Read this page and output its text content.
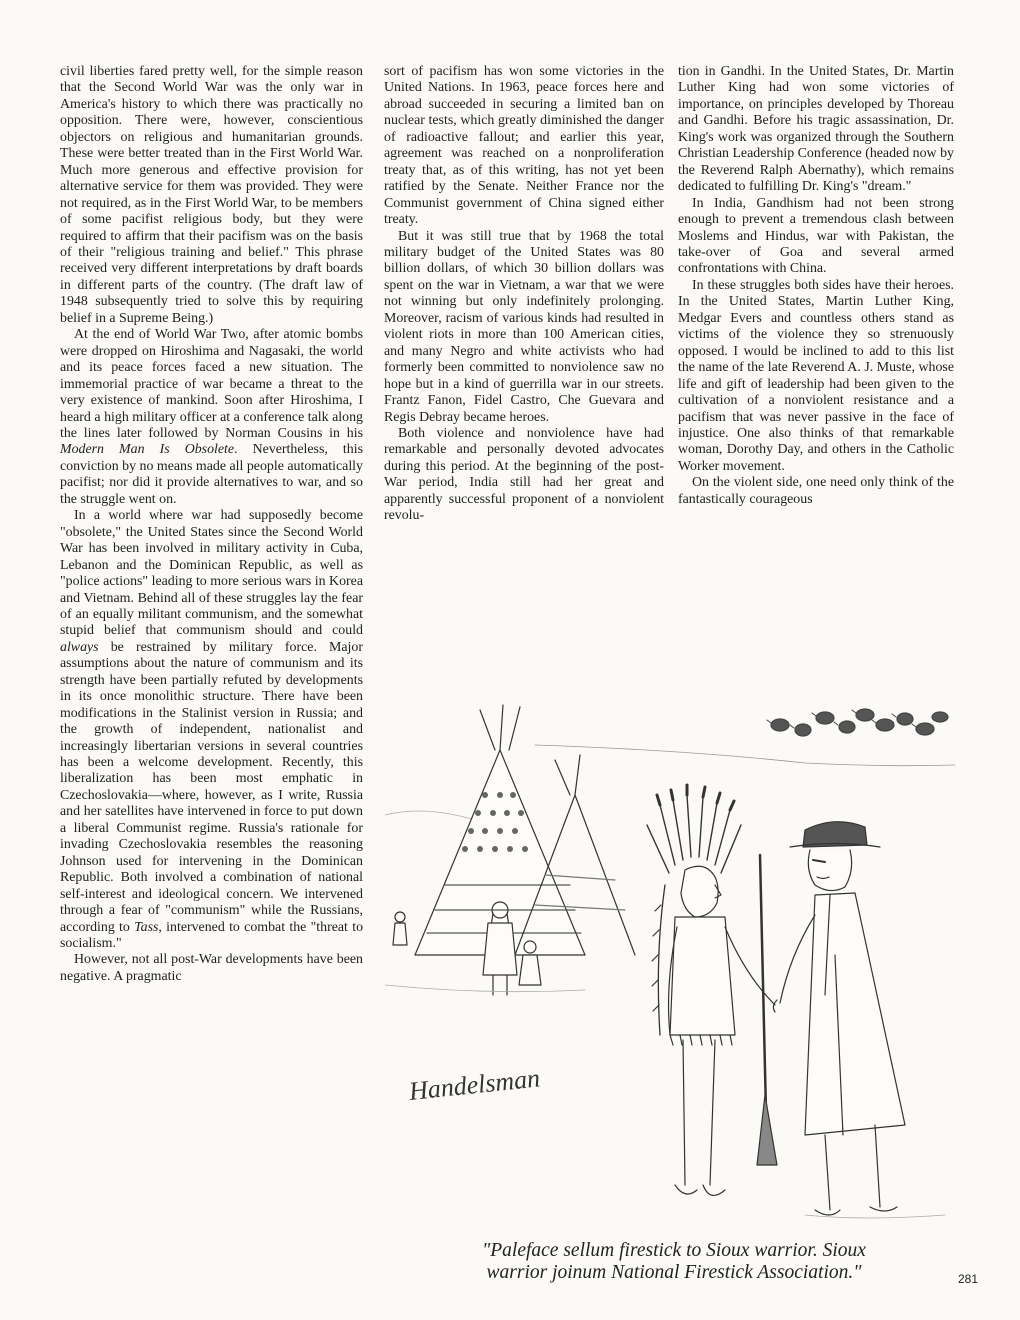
civil liberties fared pretty well, for the simple reason that the Second World War was the only war in America's history to which there was practically no opposition. There were, however, conscientious objectors on religious and humanitarian grounds. These were better treated than in the First World War. Much more generous and effective provision for alternative service for them was provided. They were not required, as in the First World War, to be members of some pacifist religious body, but they were required to affirm that their pacifism was on the basis of their "religious training and belief." This phrase received very different interpretations by draft boards in different parts of the country. (The draft law of 1948 subsequently tried to solve this by requiring belief in a Supreme Being.)

At the end of World War Two, after atomic bombs were dropped on Hiroshima and Nagasaki, the world and its peace forces faced a new situation. The immemorial practice of war became a threat to the very existence of mankind. Soon after Hiroshima, I heard a high military officer at a conference talk along the lines later followed by Norman Cousins in his Modern Man Is Obsolete. Nevertheless, this conviction by no means made all people automatically pacifist; nor did it provide alternatives to war, and so the struggle went on.

In a world where war had supposedly become "obsolete," the United States since the Second World War has been involved in military activity in Cuba, Lebanon and the Dominican Republic, as well as "police actions" leading to more serious wars in Korea and Vietnam. Behind all of these struggles lay the fear of an equally militant communism, and the somewhat stupid belief that communism should and could always be restrained by military force. Major assumptions about the nature of communism and its strength have been partially refuted by developments in its once monolithic structure. There have been modifications in the Stalinist version in Russia; and the growth of independent, nationalist and increasingly libertarian versions in several countries has been a welcome development. Recently, this liberalization has been most emphatic in Czechoslovakia—where, however, as I write, Russia and her satellites have intervened in force to put down a liberal Communist regime. Russia's rationale for invading Czechoslovakia resembles the reasoning Johnson used for intervening in the Dominican Republic. Both involved a combination of national self-interest and ideological concern. We intervened through a fear of "communism" while the Russians, according to Tass, intervened to combat the "threat to socialism."

However, not all post-War developments have been negative. A pragmatic

sort of pacifism has won some victories in the United Nations. In 1963, peace forces here and abroad succeeded in securing a limited ban on nuclear tests, which greatly diminished the danger of radioactive fallout; and earlier this year, agreement was reached on a nonproliferation treaty that, as of this writing, has not yet been ratified by the Senate. Neither France nor the Communist government of China signed either treaty.

But it was still true that by 1968 the total military budget of the United States was 80 billion dollars, of which 30 billion dollars was spent on the war in Vietnam, a war that we were not winning but only indefinitely prolonging. Moreover, racism of various kinds had resulted in violent riots in more than 100 American cities, and many Negro and white activists who had formerly been committed to nonviolence saw no hope but in a kind of guerrilla war in our streets. Frantz Fanon, Fidel Castro, Che Guevara and Regis Debray became heroes.

Both violence and nonviolence have had remarkable and personally devoted advocates during this period. At the beginning of the post-War period, India still had her great and apparently successful proponent of a nonviolent revolu-

tion in Gandhi. In the United States, Dr. Martin Luther King had won some victories of importance, on principles developed by Thoreau and Gandhi. Before his tragic assassination, Dr. King's work was organized through the Southern Christian Leadership Conference (headed now by the Reverend Ralph Abernathy), which remains dedicated to fulfilling Dr. King's "dream."

In India, Gandhism had not been strong enough to prevent a tremendous clash between Moslems and Hindus, war with Pakistan, the take-over of Goa and several armed confrontations with China.

In these struggles both sides have their heroes. In the United States, Martin Luther King, Medgar Evers and countless others stand as victims of the violence they so strenuously opposed. I would be inclined to add to this list the name of the late Reverend A. J. Muste, whose life and gift of leadership had been given to the cultivation of a nonviolent resistance and a pacifism that was never passive in the face of injustice. One also thinks of that remarkable woman, Dorothy Day, and others in the Catholic Worker movement.

On the violent side, one need only think of the fantastically courageous

Handelsman
"Paleface sellum firestick to Sioux warrior. Sioux
warrior joinum National Firestick Association."	281
